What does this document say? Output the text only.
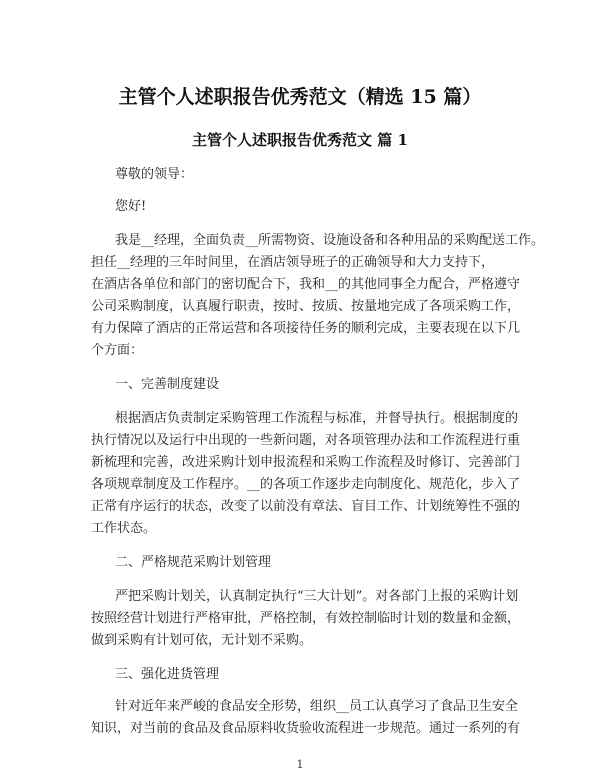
主管个人述职报告优秀范文（精选 15 篇）
主管个人述职报告优秀范文 篇 1

尊敬的领导：

您好!

我是__经理，全面负责__所需物资、设施设备和各种用品的采购配送工作。

担任__经理的三年时间里，在酒店领导班子的正确领导和大力支持下，

在酒店各单位和部门的密切配合下，我和__的其他同事全力配合，严格遵守

公司采购制度，认真履行职责，按时、按质、按量地完成了各项采购工作，

有力保障了酒店的正常运营和各项接待任务的顺利完成，主要表现在以下几

个方面：

一、完善制度建设

根据酒店负责制定采购管理工作流程与标准，并督导执行。根据制度的

执行情况以及运行中出现的一些新问题，对各项管理办法和工作流程进行重

新梳理和完善，改进采购计划申报流程和采购工作流程及时修订、完善部门

各项规章制度及工作程序。__的各项工作逐步走向制度化、规范化，步入了

正常有序运行的状态，改变了以前没有章法、盲目工作、计划统筹性不强的

工作状态。

二、严格规范采购计划管理

严把采购计划关，认真制定执行“三大计划”。对各部门上报的采购计划

按照经营计划进行严格审批，严格控制，有效控制临时计划的数量和金额，

做到采购有计划可依，无计划不采购。

三、强化进货管理

针对近年来严峻的食品安全形势，组织__员工认真学习了食品卫生安全

知识，对当前的食品及食品原料收货验收流程进一步规范。通过一系列的有

1
